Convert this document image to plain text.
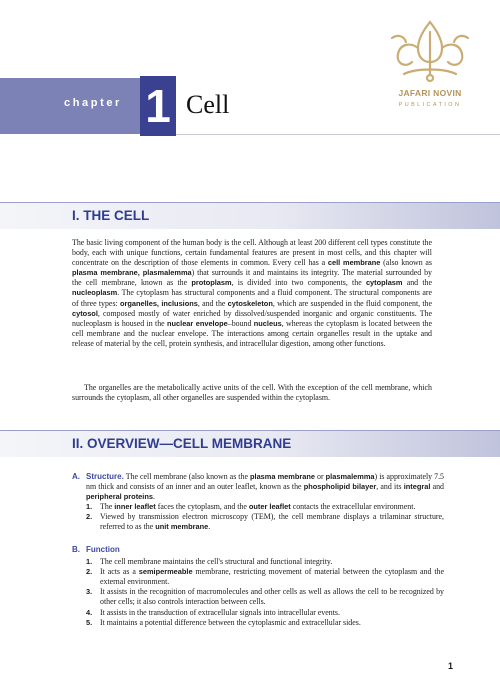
JAFARI NOVIN
PUBLICATION
chapter 1 Cell
I. THE CELL

The basic living component of the human body is the cell. Although at least 200 different cell types constitute the body, each with unique functions, certain fundamental features are present in most cells, and this chapter will concentrate on the description of those elements in common. Every cell has a cell membrane (also known as plasma membrane, plasmalemma) that surrounds it and maintains its integrity. The material surrounded by the cell membrane, known as the protoplasm, is divided into two components, the cytoplasm and the nucleoplasm. The cytoplasm has structural components and a fluid component. The structural components are of three types: organelles, inclusions, and the cytoskeleton, which are suspended in the fluid component, the cytosol, composed mostly of water enriched by dissolved/suspended inorganic and organic constituents. The nucleoplasm is housed in the nuclear envelope–bound nucleus, whereas the cytoplasm is located between the cell membrane and the nuclear envelope. The interactions among certain organelles result in the uptake and release of material by the cell, protein synthesis, and intracellular digestion, among other functions.

The organelles are the metabolically active units of the cell. With the exception of the cell membrane, which surrounds the cytoplasm, all other organelles are suspended within the cytoplasm.

II. OVERVIEW—CELL MEMBRANE
A. Structure. The cell membrane (also known as the plasma membrane or plasmalemma) is approximately 7.5 nm thick and consists of an inner and an outer leaflet, known as the phospholipid bilayer, and its integral and peripheral proteins.
1. The inner leaflet faces the cytoplasm, and the outer leaflet contacts the extracellular environment.
2. Viewed by transmission electron microscopy (TEM), the cell membrane displays a trilaminar structure, referred to as the unit membrane.
B. Function
1. The cell membrane maintains the cell's structural and functional integrity.
2. It acts as a semipermeable membrane, restricting movement of material between the cytoplasm and the external environment.
3. It assists in the recognition of macromolecules and other cells as well as allows the cell to be recognized by other cells; it also controls interaction between cells.
4. It assists in the transduction of extracellular signals into intracellular events.
5. It maintains a potential difference between the cytoplasmic and extracellular sides.
1
